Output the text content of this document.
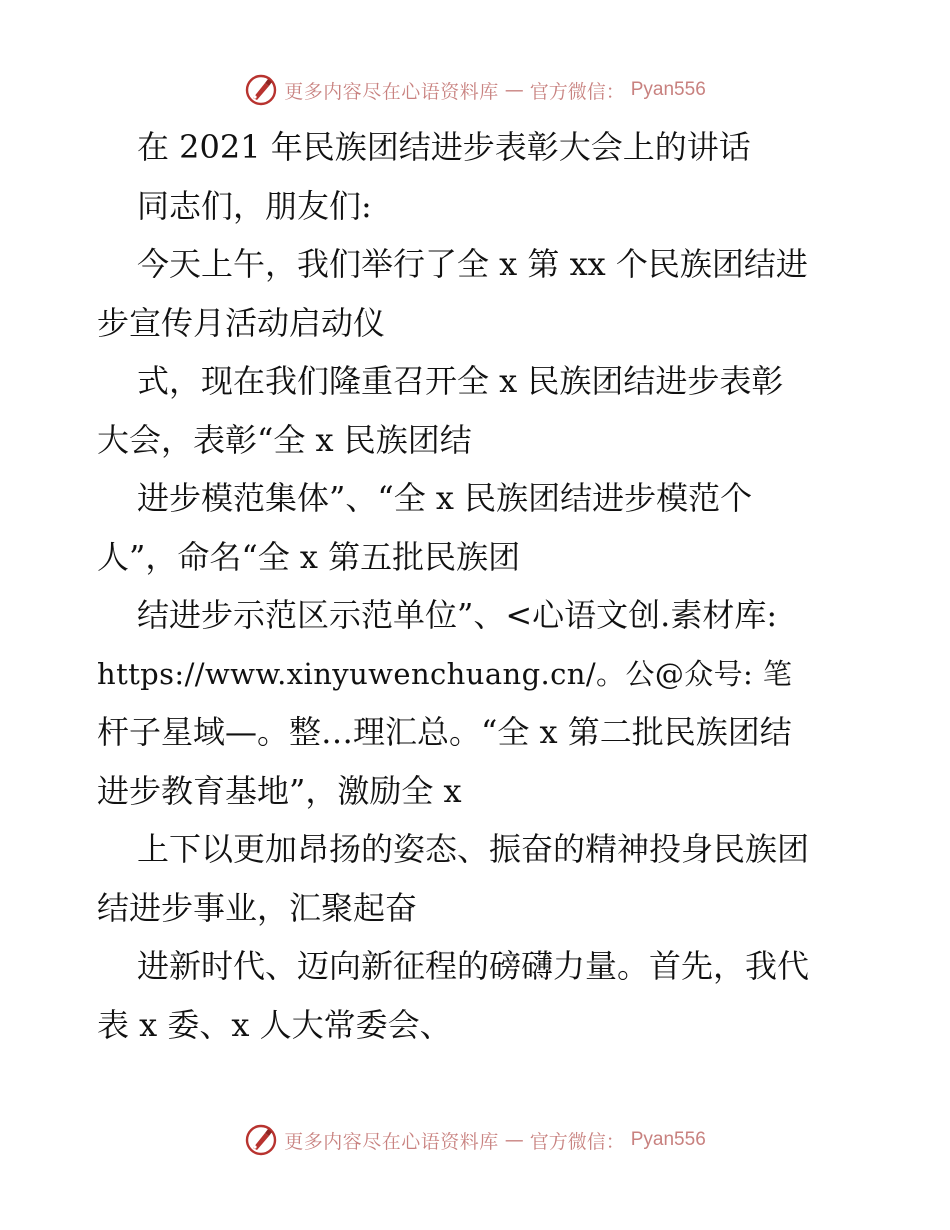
更多内容尽在心语资料库 — 官方微信： Pyan556
在 2021 年民族团结进步表彰大会上的讲话
同志们，朋友们:
今天上午，我们举行了全 x 第 xx 个民族团结进
步宣传月活动启动仪
式，现在我们隆重召开全 x 民族团结进步表彰
大会，表彰“全 x 民族团结
进步模范集体”、“全 x 民族团结进步模范个
人”，命名“全 x 第五批民族团
结进步示范区示范单位”、<心语文创.素材库:
https://www.xinyuwenchuang.cn/。公@众号: 笔
杆子星域—。整…理汇总。“全 x 第二批民族团结
进步教育基地”，激励全 x
上下以更加昂扬的姿态、振奋的精神投身民族团
结进步事业，汇聚起奋
进新时代、迈向新征程的磅礴力量。首先，我代
表 x 委、x 人大常委会、
更多内容尽在心语资料库 — 官方微信： Pyan556
